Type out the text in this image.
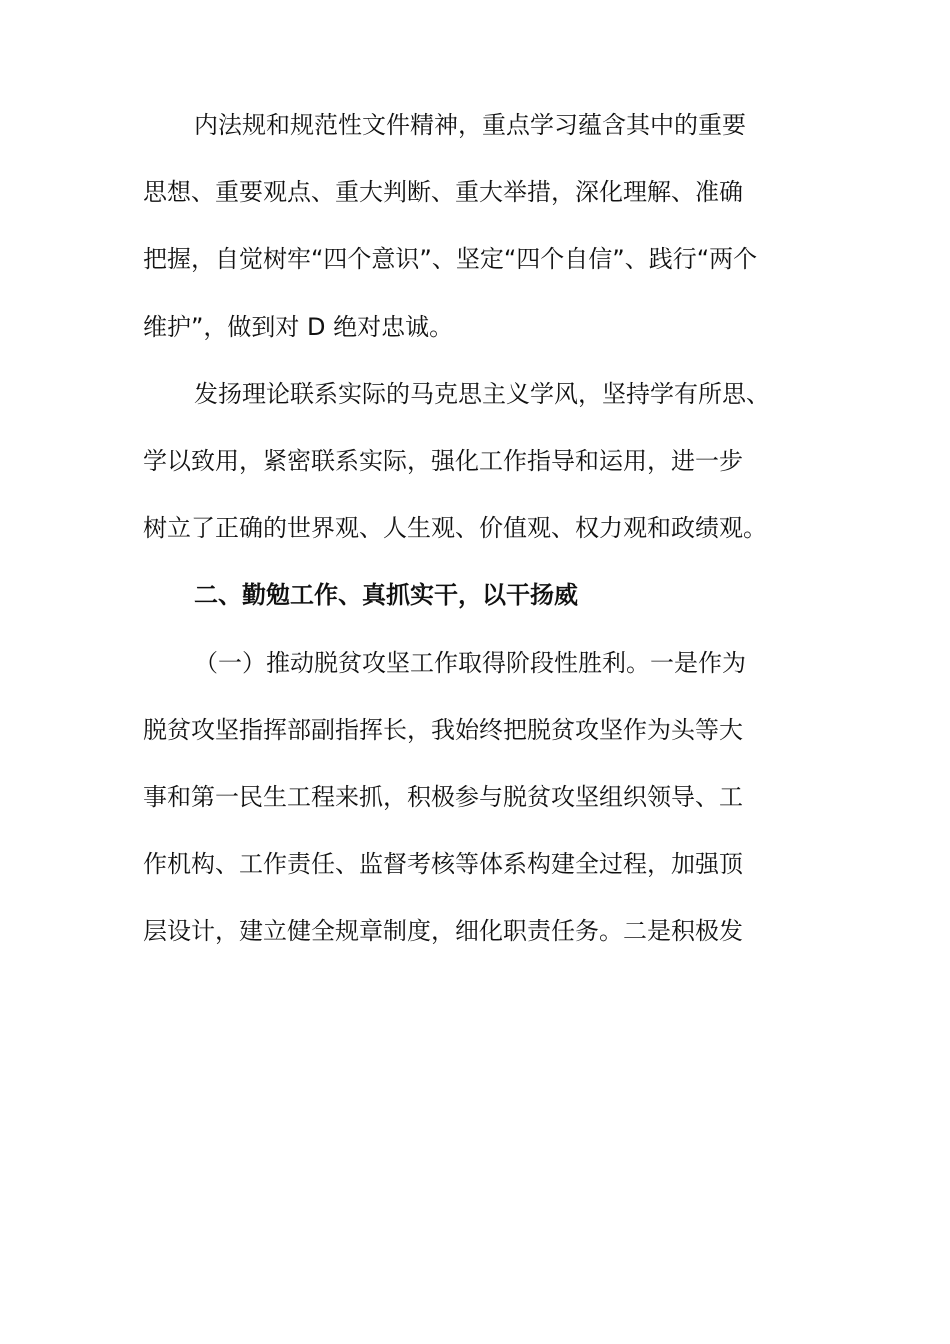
内法规和规范性文件精神，重点学习蕴含其中的重要
思想、重要观点、重大判断、重大举措，深化理解、准确
把握，自觉树牢“四个意识”、坚定“四个自信”、践行“两个
维护”，做到对 D 绝对忠诚。
发扬理论联系实际的马克思主义学风，坚持学有所思、
学以致用，紧密联系实际，强化工作指导和运用，进一步
树立了正确的世界观、人生观、价值观、权力观和政绩观。
二、勤勉工作、真抓实干，以干扬威
（一）推动脱贫攻坚工作取得阶段性胜利。一是作为
脱贫攻坚指挥部副指挥长，我始终把脱贫攻坚作为头等大
事和第一民生工程来抓，积极参与脱贫攻坚组织领导、工
作机构、工作责任、监督考核等体系构建全过程，加强顶
层设计，建立健全规章制度，细化职责任务。二是积极发
